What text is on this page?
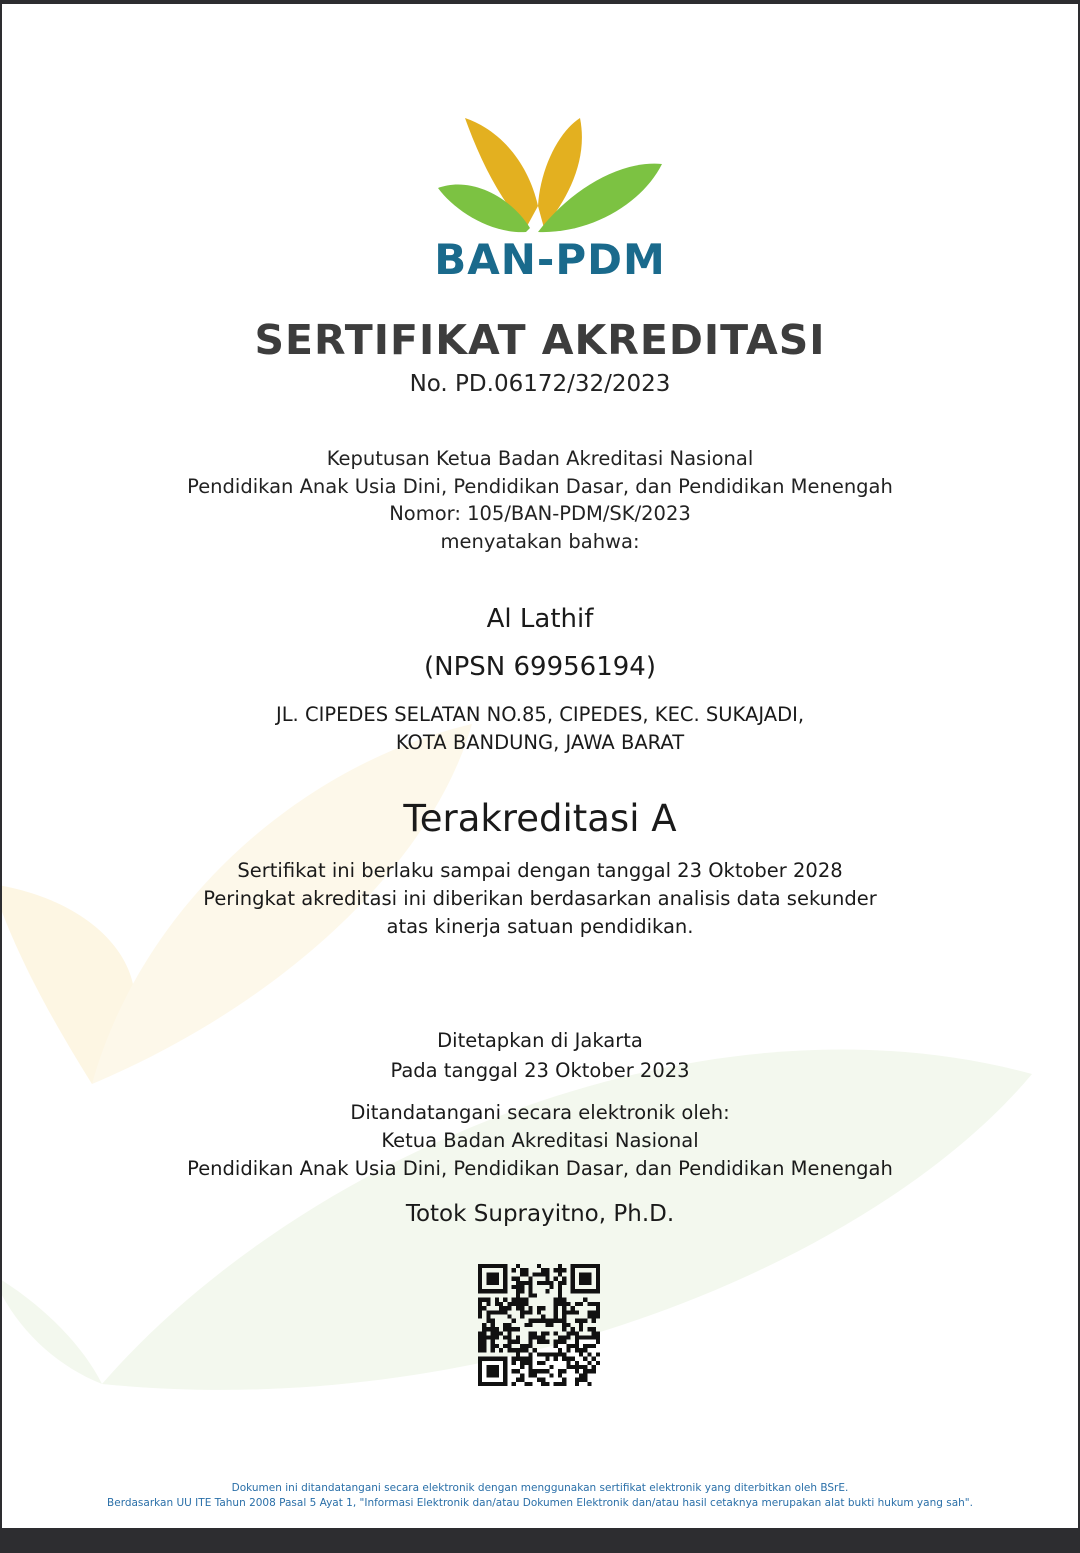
BAN-PDM
SERTIFIKAT AKREDITASI
No. PD.06172/32/2023
Keputusan Ketua Badan Akreditasi Nasional
Pendidikan Anak Usia Dini, Pendidikan Dasar, dan Pendidikan Menengah
Nomor: 105/BAN-PDM/SK/2023
menyatakan bahwa:
Al Lathif
(NPSN 69956194)
JL. CIPEDES SELATAN NO.85, CIPEDES, KEC. SUKAJADI,
KOTA BANDUNG, JAWA BARAT
Terakreditasi A
Sertifikat ini berlaku sampai dengan tanggal 23 Oktober 2028
Peringkat akreditasi ini diberikan berdasarkan analisis data sekunder
atas kinerja satuan pendidikan.
Ditetapkan di Jakarta
Pada tanggal 23 Oktober 2023
Ditandatangani secara elektronik oleh:
Ketua Badan Akreditasi Nasional
Pendidikan Anak Usia Dini, Pendidikan Dasar, dan Pendidikan Menengah
Totok Suprayitno, Ph.D.
Dokumen ini ditandatangani secara elektronik dengan menggunakan sertifikat elektronik yang diterbitkan oleh BSrE.
Berdasarkan UU ITE Tahun 2008 Pasal 5 Ayat 1, "Informasi Elektronik dan/atau Dokumen Elektronik dan/atau hasil cetaknya merupakan alat bukti hukum yang sah".
